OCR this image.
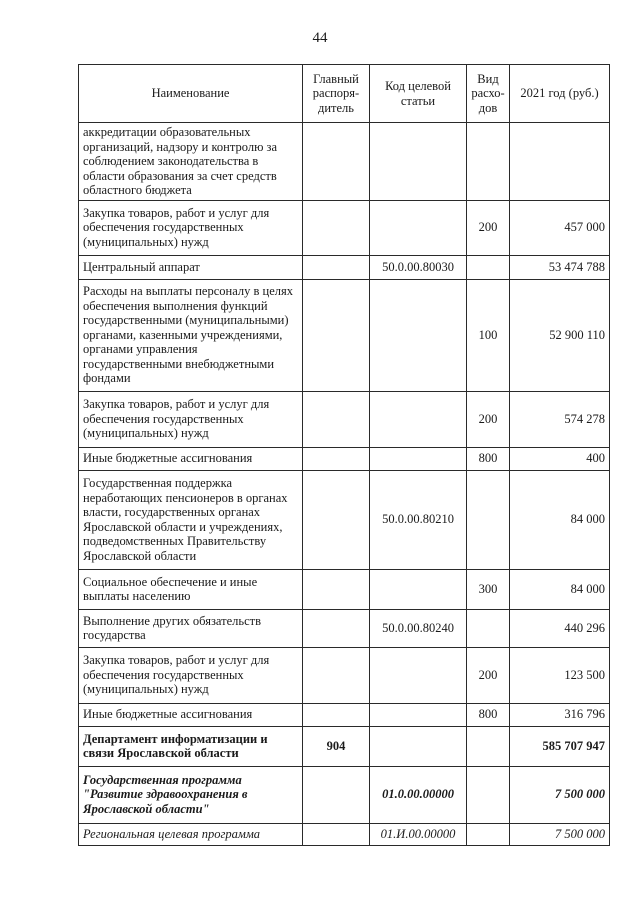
44
Наименование	Главный распоря-дитель	Код целевой статьи	Вид расхо-дов	2021 год (руб.)
аккредитации образовательных организаций, надзору и контролю за соблюдением законодательства в области образования за счет средств областного бюджета				
Закупка товаров, работ и услуг для обеспечения государственных (муниципальных) нужд			200	457 000
Центральный аппарат		50.0.00.80030		53 474 788
Расходы на выплаты персоналу в целях обеспечения выполнения функций государственными (муниципальными) органами, казенными учреждениями, органами управления государственными внебюджетными фондами			100	52 900 110
Закупка товаров, работ и услуг для обеспечения государственных (муниципальных) нужд			200	574 278
Иные бюджетные ассигнования			800	400
Государственная поддержка неработающих пенсионеров в органах власти, государственных органах Ярославской области и учреждениях, подведомственных Правительству Ярославской области		50.0.00.80210		84 000
Социальное обеспечение и иные выплаты населению			300	84 000
Выполнение других обязательств государства		50.0.00.80240		440 296
Закупка товаров, работ и услуг для обеспечения государственных (муниципальных) нужд			200	123 500
Иные бюджетные ассигнования			800	316 796
Департамент информатизации и связи Ярославской области	904			585 707 947
Государственная программа "Развитие здравоохранения в Ярославской области"		01.0.00.00000		7 500 000
Региональная целевая программа		01.И.00.00000		7 500 000
